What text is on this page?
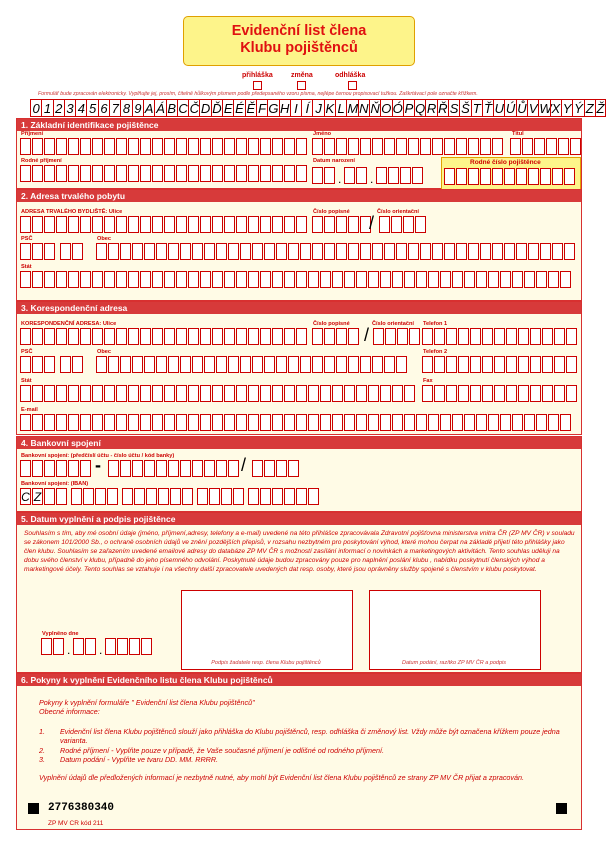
Evidenční list člena
Klubu pojištěnců
přihláška	změna	odhláška
Formulář bude zpracován elektronicky. Vyplňujte jej, prosím, čitelně hůlkovým písmem podle předepsaného vzoru písma, nejlépe černou propisovací tužkou. Zaškrtávací pole označte křížkem.
0 1 2 3 4 5 6 7 8 9 A Á B C Č D Ď E É Ě F G H I Í J K L M N Ň O Ó P Q R Ř S Š T Ť U Ú Ů V W X Y Ý Z Ž
1. Základní identifikace pojištěnce
Příjmení	Jméno	Titul
Rodné příjmení	Datum narození
. .
Rodné číslo pojištěnce
2. Adresa trvalého pobytu
ADRESA TRVALÉHO BYDLIŠTĚ: Ulice	Číslo popisné	Číslo orientační
/
PSČ	Obec
Stát
3. Korespondenční adresa
KORESPONDENČNÍ ADRESA: Ulice	Číslo popisné	Číslo orientační Telefon 1
/
PSČ	Obec	Telefon 2
Stát	Fax
E-mail
4. Bankovní spojení
Bankovní spojení: (předčíslí účtu - číslo účtu / kód banky)
-	/
Bankovní spojení: (IBAN)
C Z
5. Datum vyplnění a podpis pojištěnce
Souhlasím s tím, aby mé osobní údaje (jméno, příjmení,adresy, telefony a e-mail) uvedené na této přihlášce zpracovávala Zdravotní pojišťovna ministerstva vnitra ČR (ZP MV ČR) v souladu se zákonem 101/2000 Sb., o ochraně osobních údajů ve znění pozdějších přepisů, v rozsahu nezbytném pro poskytování výhod, které mohou čerpat na základě přijetí této přihlášky jako člen klubu. Souhlasím se zařazením uvedené emailové adresy do databáze ZP MV ČR s možností zasílání informací o novinkách a marketingových aktivitách. Tento souhlas uděluji na dobu svého členství v klubu, případně do jeho písemného odvolání. Poskytnuté údaje budou zpracovány pouze pro naplnění poslání klubu , nabídku poskytnutí členských výhod a marketingové účely. Tento souhlas se vztahuje i na všechny další zpracovatele uvedených dat resp. osoby, které jsou oprávněny služby spojené s členstvím v klubu poskytovat.
Podpis žadatele resp. člena Klubu pojištěnců	Datum podání, razítko ZP MV ČR a podpis
Vyplněno dne
. .
6. Pokyny k vyplnění Evidenčního listu člena Klubu pojištěnců
Pokyny k vyplnění formuláře " Evidenční list člena Klubu pojištěnců"
Obecné informace:
1. Evidenční list člena Klubu pojištěnců slouží jako přihláška do Klubu pojištěnců, resp. odhláška či změnový list. Vždy může být označena křížkem pouze jedna varianta.
2. Rodné příjmení - Vyplňte pouze v případě, že Vaše současné příjmení je odlišné od rodného příjmení.
3. Datum podání - Vyplňte ve tvaru DD. MM. RRRR.
Vyplnění údajů dle předložených informací je nezbytně nutné, aby mohl být Evidenční list člena Klubu pojištěnců ze strany ZP MV ČR přijat a zpracován.
2776380340
ZP MV CR kód 211
